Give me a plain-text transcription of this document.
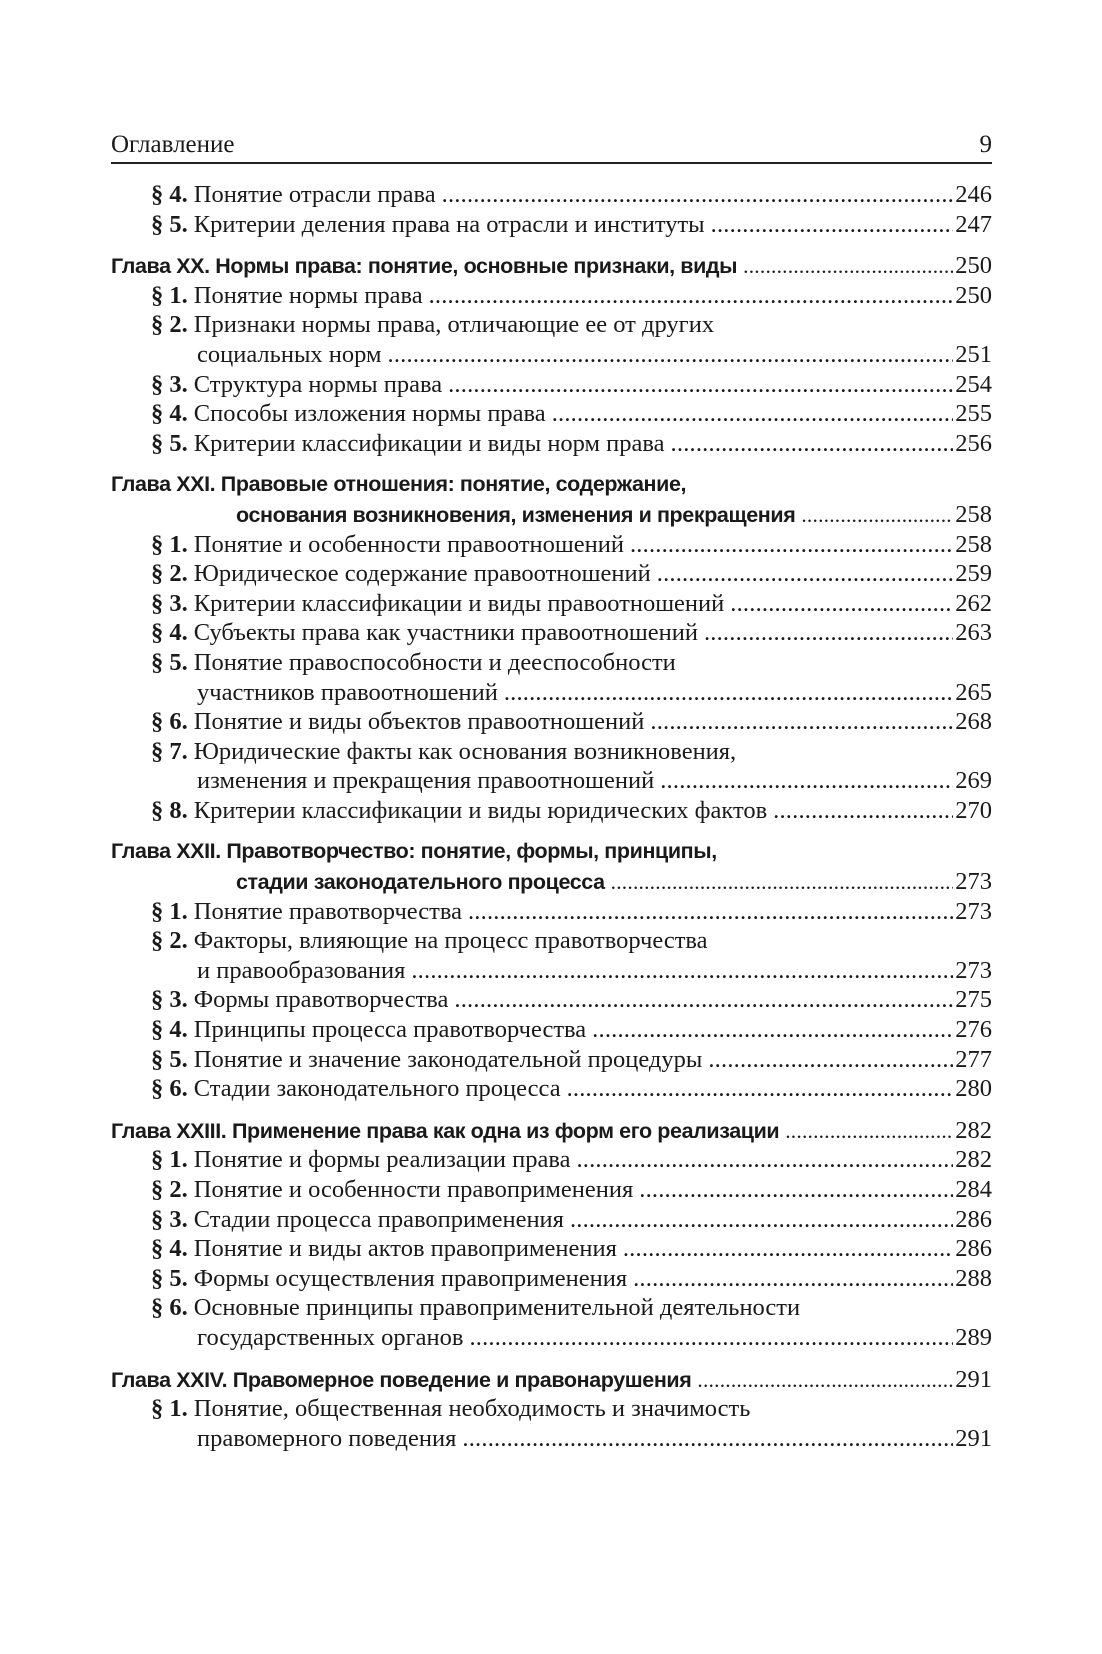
Оглавление	9
§ 4. Понятие отрасли права .....	246
§ 5. Критерии деления права на отрасли и институты .....	247
Глава XX. Нормы права: понятие, основные признаки, виды .....	250
§ 1. Понятие нормы права .....	250
§ 2. Признаки нормы права, отличающие ее от других
социальных норм .....	251
§ 3. Структура нормы права .....	254
§ 4. Способы изложения нормы права .....	255
§ 5. Критерии классификации и виды норм права .....	256
Глава XXI. Правовые отношения: понятие, содержание,
основания возникновения, изменения и прекращения .....	258
§ 1. Понятие и особенности правоотношений .....	258
§ 2. Юридическое содержание правоотношений .....	259
§ 3. Критерии классификации и виды правоотношений .....	262
§ 4. Субъекты права как участники правоотношений .....	263
§ 5. Понятие правоспособности и дееспособности
участников правоотношений .....	265
§ 6. Понятие и виды объектов правоотношений .....	268
§ 7. Юридические факты как основания возникновения,
изменения и прекращения правоотношений .....	269
§ 8. Критерии классификации и виды юридических фактов .....	270
Глава XXII. Правотворчество: понятие, формы, принципы,
стадии законодательного процесса .....	273
§ 1. Понятие правотворчества .....	273
§ 2. Факторы, влияющие на процесс правотворчества
и правообразования .....	273
§ 3. Формы правотворчества .....	275
§ 4. Принципы процесса правотворчества .....	276
§ 5. Понятие и значение законодательной процедуры .....	277
§ 6. Стадии законодательного процесса .....	280
Глава XXIII. Применение права как одна из форм его реализации .....	282
§ 1. Понятие и формы реализации права .....	282
§ 2. Понятие и особенности правоприменения .....	284
§ 3. Стадии процесса правоприменения .....	286
§ 4. Понятие и виды актов правоприменения .....	286
§ 5. Формы осуществления правоприменения .....	288
§ 6. Основные принципы правоприменительной деятельности
государственных органов .....	289
Глава XXIV. Правомерное поведение и правонарушения .....	291
§ 1. Понятие, общественная необходимость и значимость
правомерного поведения .....	291
